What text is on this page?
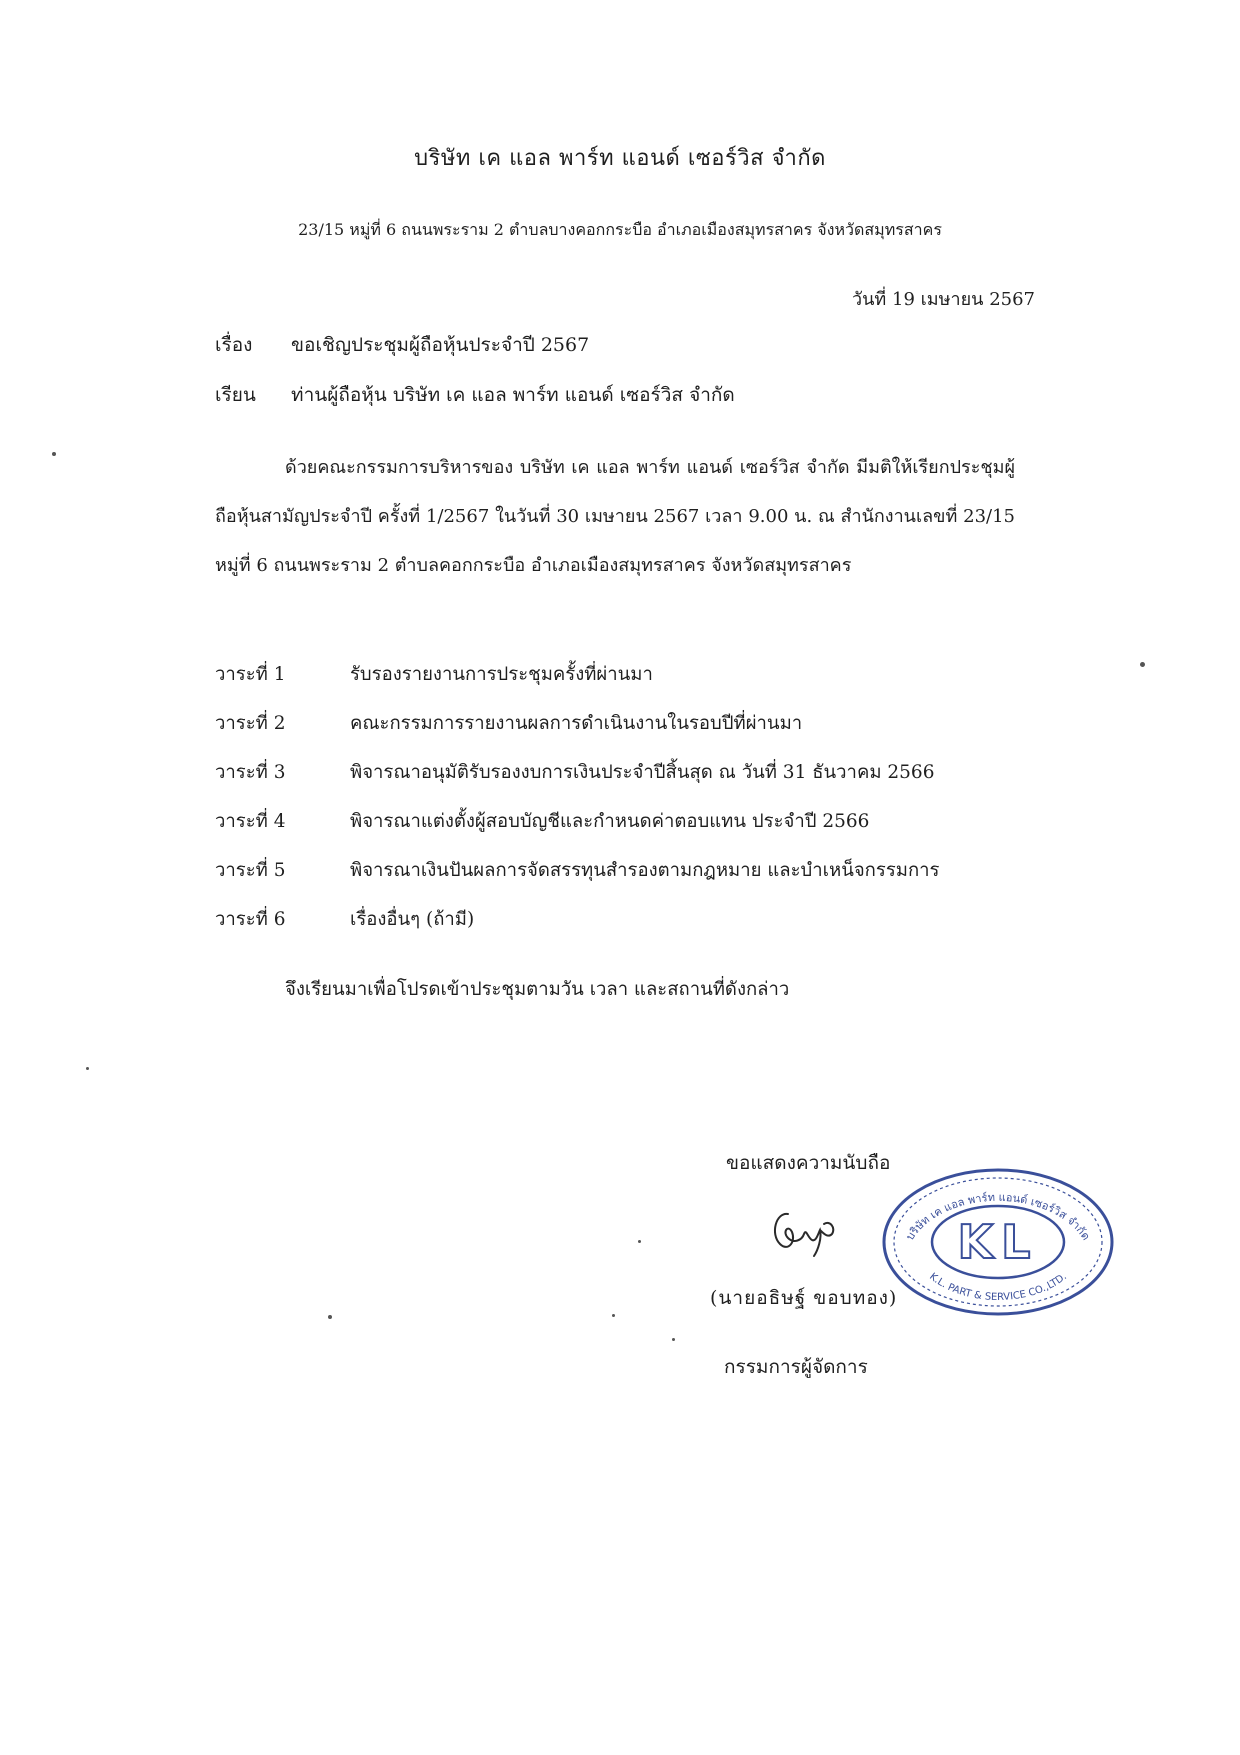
บริษัท เค แอล พาร์ท แอนด์ เซอร์วิส จำกัด
23/15 หมู่ที่ 6 ถนนพระราม 2 ตำบลบางคอกกระบือ อำเภอเมืองสมุทรสาคร จังหวัดสมุทรสาคร
วันที่ 19 เมษายน 2567
เรื่อง ขอเชิญประชุมผู้ถือหุ้นประจำปี 2567
เรียน ท่านผู้ถือหุ้น บริษัท เค แอล พาร์ท แอนด์ เซอร์วิส จำกัด
ด้วยคณะกรรมการบริหารของ บริษัท เค แอล พาร์ท แอนด์ เซอร์วิส จำกัด มีมติให้เรียกประชุมผู้ถือหุ้นสามัญประจำปี ครั้งที่ 1/2567 ในวันที่ 30 เมษายน 2567 เวลา 9.00 น. ณ สำนักงานเลขที่ 23/15 หมู่ที่ 6 ถนนพระราม 2 ตำบลคอกกระบือ อำเภอเมืองสมุทรสาคร จังหวัดสมุทรสาคร
วาระที่ 1	รับรองรายงานการประชุมครั้งที่ผ่านมา
วาระที่ 2	คณะกรรมการรายงานผลการดำเนินงานในรอบปีที่ผ่านมา
วาระที่ 3	พิจารณาอนุมัติรับรองงบการเงินประจำปีสิ้นสุด ณ วันที่ 31 ธันวาคม 2566
วาระที่ 4	พิจารณาแต่งตั้งผู้สอบบัญชีและกำหนดค่าตอบแทน ประจำปี 2566
วาระที่ 5	พิจารณาเงินปันผลการจัดสรรทุนสำรองตามกฎหมาย และบำเหน็จกรรมการ
วาระที่ 6	เรื่องอื่นๆ (ถ้ามี)
จึงเรียนมาเพื่อโปรดเข้าประชุมตามวัน เวลา และสถานที่ดังกล่าว
ขอแสดงความนับถือ
(นายอธิษฐ์ ขอบทอง)
กรรมการผู้จัดการ
บริษัท เค แอล พาร์ท แอนด์ เซอร์วิส จำกัด
K.L. PART & SERVICE CO.,LTD.
KL
